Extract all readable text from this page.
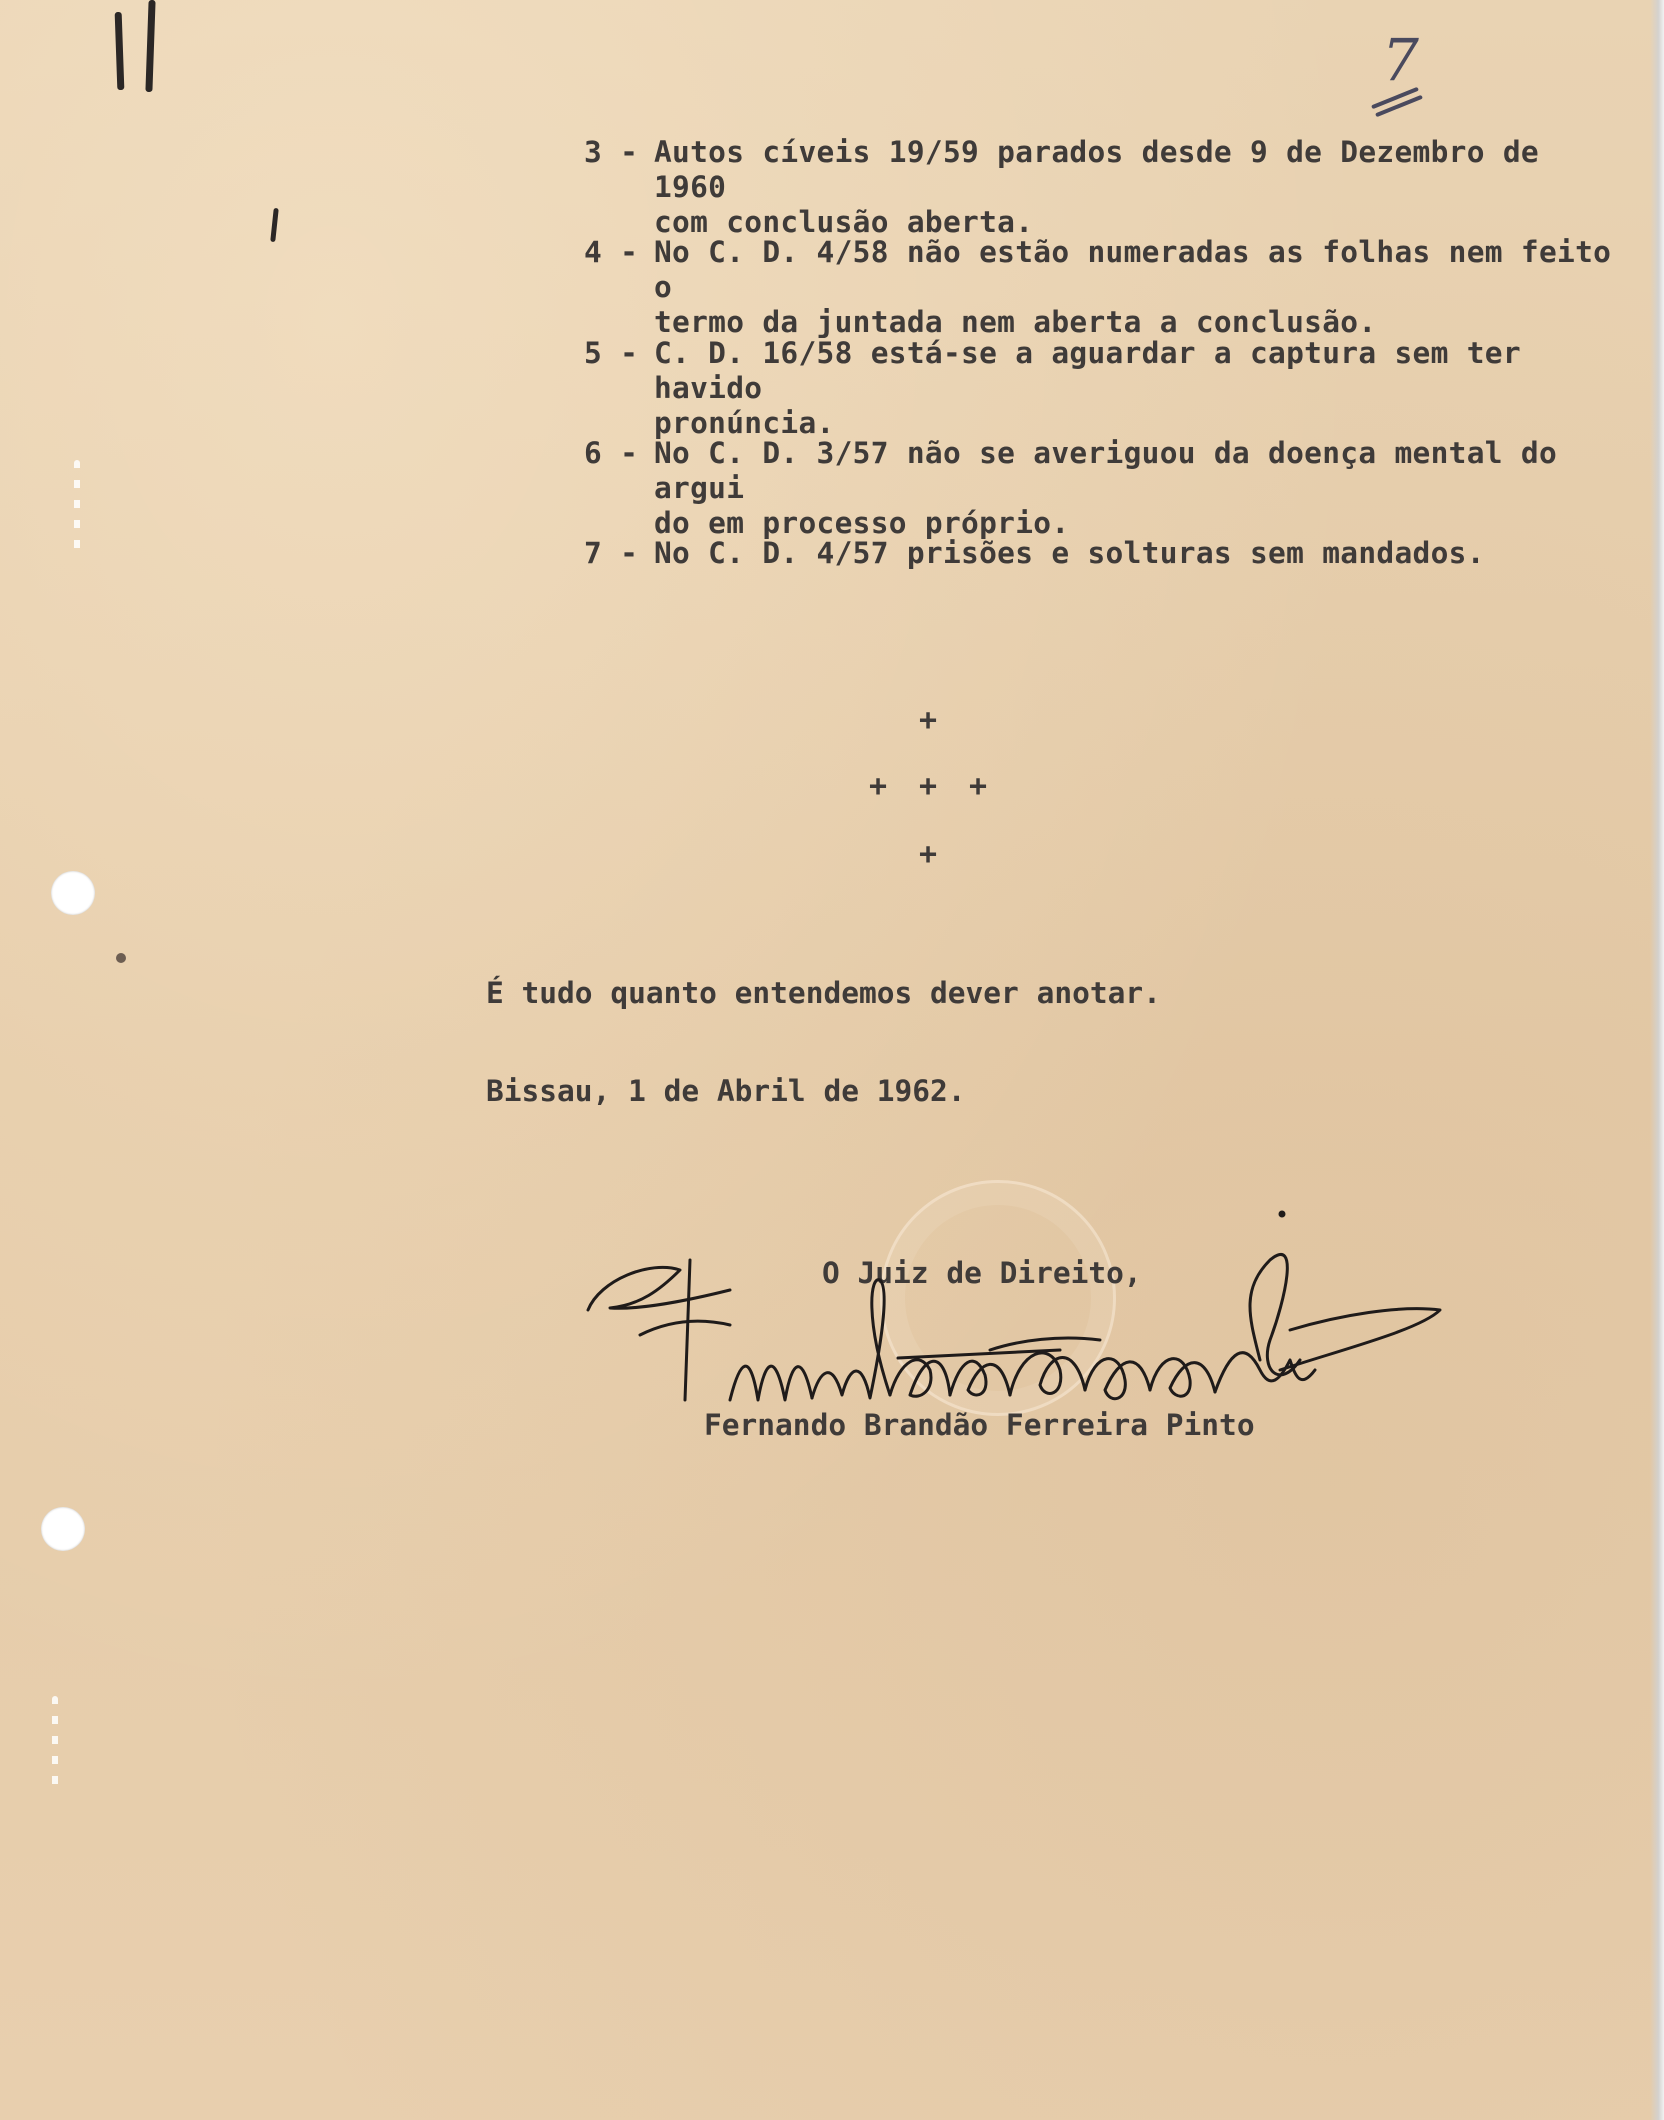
7
3 - Autos cíveis 19/59 parados desde 9 de Dezembro de 1960
com conclusão aberta.
4 - No C. D. 4/58 não estão numeradas as folhas nem feito o
termo da juntada nem aberta a conclusão.
5 - C. D. 16/58 está-se a aguardar a captura sem ter havido
pronúncia.
6 - No C. D. 3/57 não se averiguou da doença mental do argui
do em processo próprio.
7 - No C. D. 4/57 prisões e solturas sem mandados.
+
+	+	+
+
É tudo quanto entendemos dever anotar.
Bissau, 1 de Abril de 1962.
O Juiz de Direito,
Fernando Brandão Ferreira Pinto
